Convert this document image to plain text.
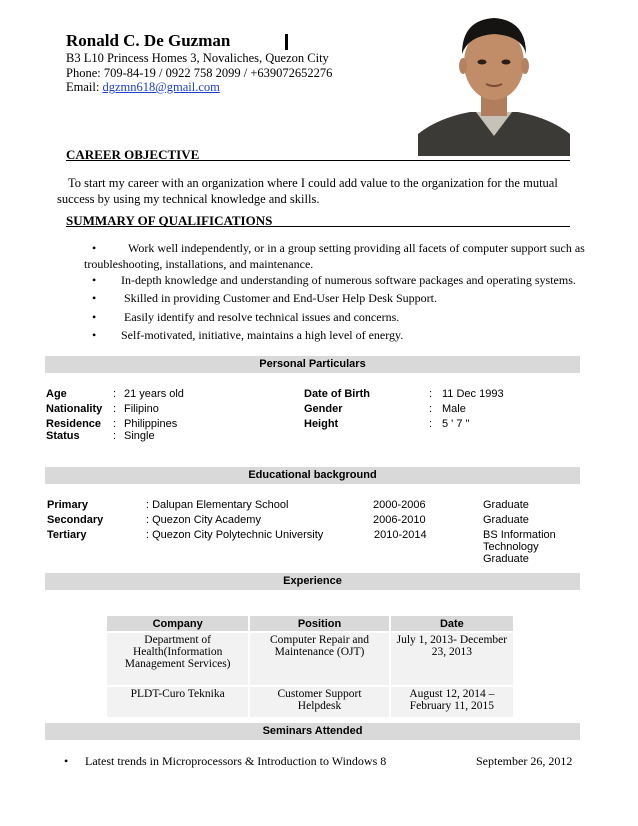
Ronald C. De Guzman
B3 L10 Princess Homes 3, Novaliches, Quezon City
Phone: 709-84-19 / 0922 758 2099 / +639072652276
Email: dgzmn618@gmail.com
CAREER OBJECTIVE
To start my career with an organization where I could add value to the organization for the mutual
success by using my technical knowledge and skills.
SUMMARY OF QUALIFICATIONS
•	Work well independently, or in a group setting providing all facets of computer support such as
troubleshooting, installations, and maintenance.
• In-depth knowledge and understanding of numerous software packages and operating systems.
• Skilled in providing Customer and End-User Help Desk Support.
• Easily identify and resolve technical issues and concerns.
• Self-motivated, initiative, maintains a high level of energy.
Personal Particulars
Age	: 21 years old
Nationality : Filipino
Residence : Philippines
Status	: Single
Date of Birth	: 11 Dec 1993
Gender	: Male
Height	: 5 ' 7 "
Educational background
Primary	: Dalupan Elementary School	2000-2006	Graduate
Secondary	: Quezon City Academy	2006-2010	Graduate
Tertiary	: Quezon City Polytechnic University	2010-2014	BS Information Technology Graduate
Experience
Company	Position	Date
Department of Health(Information Management Services)	Computer Repair and Maintenance (OJT)	July 1, 2013- December 23, 2013
PLDT-Curo Teknika	Customer Support Helpdesk	August 12, 2014 – February 11, 2015
Seminars Attended
• Latest trends in Microprocessors & Introduction to Windows 8	September 26, 2012
